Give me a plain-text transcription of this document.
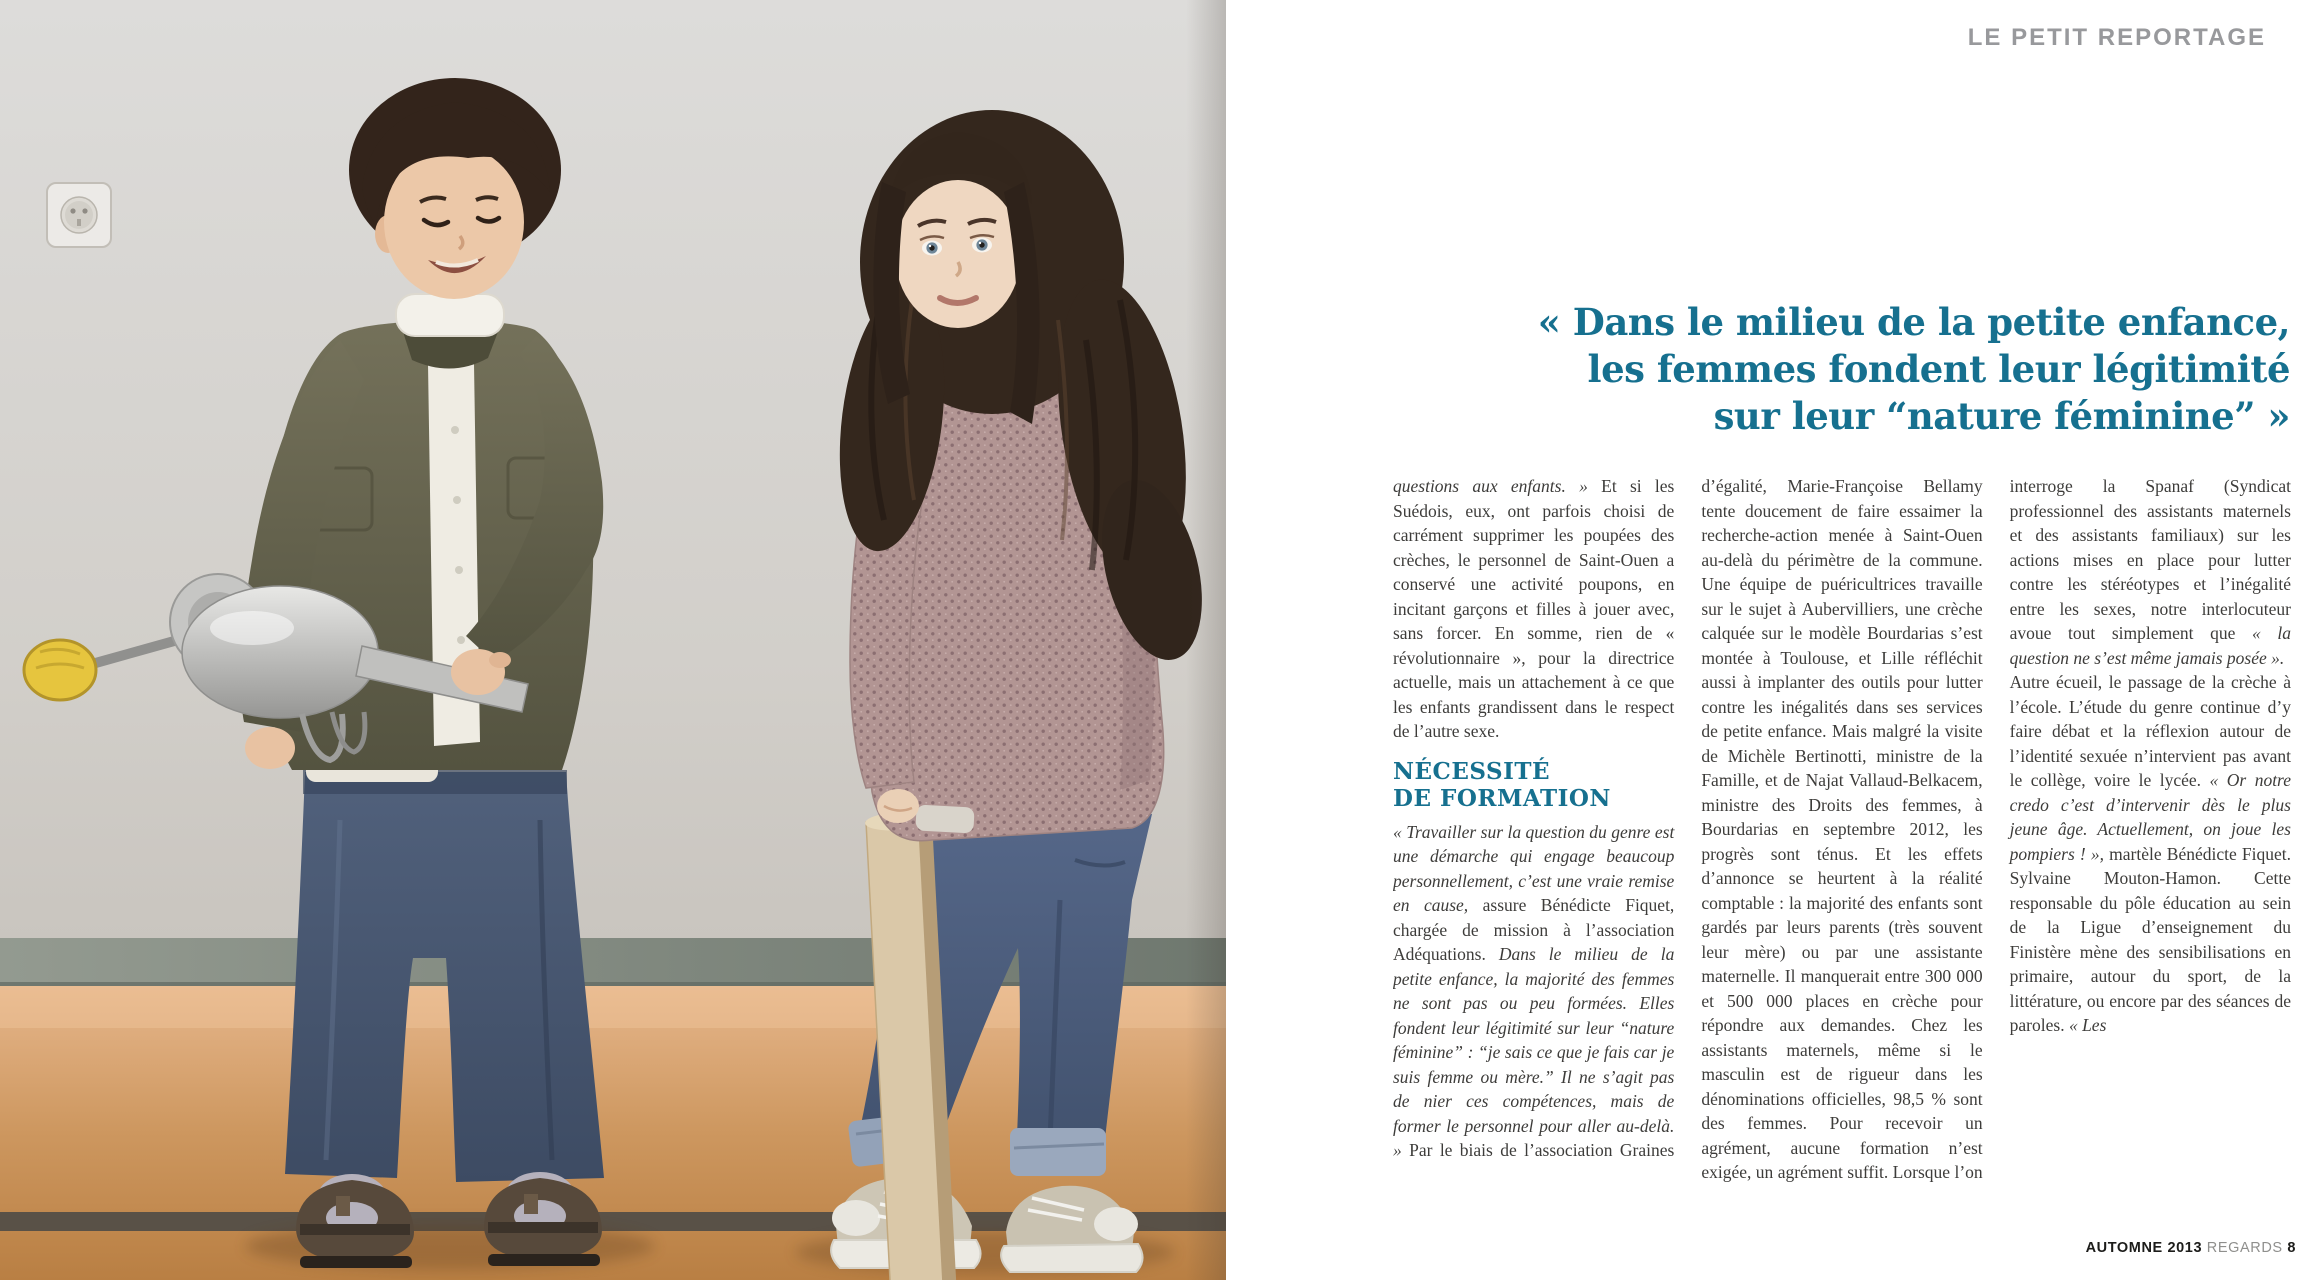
LE PETIT REPORTAGE
« Dans le milieu de la petite enfance,
les femmes fondent leur légitimité
sur leur “nature féminine” »

questions aux enfants. » Et si les Suédois, eux, ont parfois choisi de carrément supprimer les poupées des crèches, le personnel de Saint-Ouen a conservé une activité poupons, en incitant garçons et filles à jouer avec, sans forcer. En somme, rien de « révolutionnaire », pour la directrice actuelle, mais un attachement à ce que les enfants grandissent dans le respect de l’autre sexe.

NÉCESSITÉ
DE FORMATION

« Travailler sur la question du genre est une démarche qui engage beaucoup personnellement, c’est une vraie remise en cause, assure Bénédicte Fiquet, chargée de mission à l’association Adéquations. Dans le milieu de la petite enfance, la majorité des femmes ne sont pas ou peu formées. Elles fondent leur légitimité sur leur “nature féminine” : “je sais ce que je fais car je suis femme ou mère.” Il ne s’agit pas de nier ces compétences, mais de former le personnel pour aller au-delà. » Par le biais de l’association Graines d’égalité, Marie-Françoise Bellamy tente doucement de faire essaimer la recherche-action menée à Saint-Ouen au-delà du périmètre de la commune. Une équipe de puéricultrices travaille sur le sujet à Aubervilliers, une crèche calquée sur le modèle Bourdarias s’est montée à Toulouse, et Lille réfléchit aussi à implanter des outils pour lutter contre les inégalités dans ses services de petite enfance. Mais malgré la visite de Michèle Bertinotti, ministre de la Famille, et de Najat Vallaud-Belkacem, ministre des Droits des femmes, à Bourdarias en septembre 2012, les progrès sont ténus. Et les effets d’annonce se heurtent à la réalité comptable : la majorité des enfants sont gardés par leurs parents (très souvent leur mère) ou par une assistante maternelle. Il manquerait entre 300 000 et 500 000 places en crèche pour répondre aux demandes. Chez les assistants maternels, même si le masculin est de rigueur dans les dénominations officielles, 98,5 % sont des femmes. Pour recevoir un agrément, aucune formation n’est exigée, un agrément suffit. Lorsque l’on interroge la Spanaf (Syndicat professionnel des assistants maternels et des assistants familiaux) sur les actions mises en place pour lutter contre les stéréotypes et l’inégalité entre les sexes, notre interlocuteur avoue tout simplement que « la question ne s’est même jamais posée ».

Autre écueil, le passage de la crèche à l’école. L’étude du genre continue d’y faire débat et la réflexion autour de l’identité sexuée n’intervient pas avant le collège, voire le lycée. « Or notre credo c’est d’intervenir dès le plus jeune âge. Actuellement, on joue les pompiers ! », martèle Bénédicte Fiquet. Sylvaine Mouton-Hamon. Cette responsable du pôle éducation au sein de la Ligue d’enseignement du Finistère mène des sensibilisations en primaire, autour du sport, de la littérature, ou encore par des séances de paroles. « Les

AUTOMNE 2013 REGARDS 8
